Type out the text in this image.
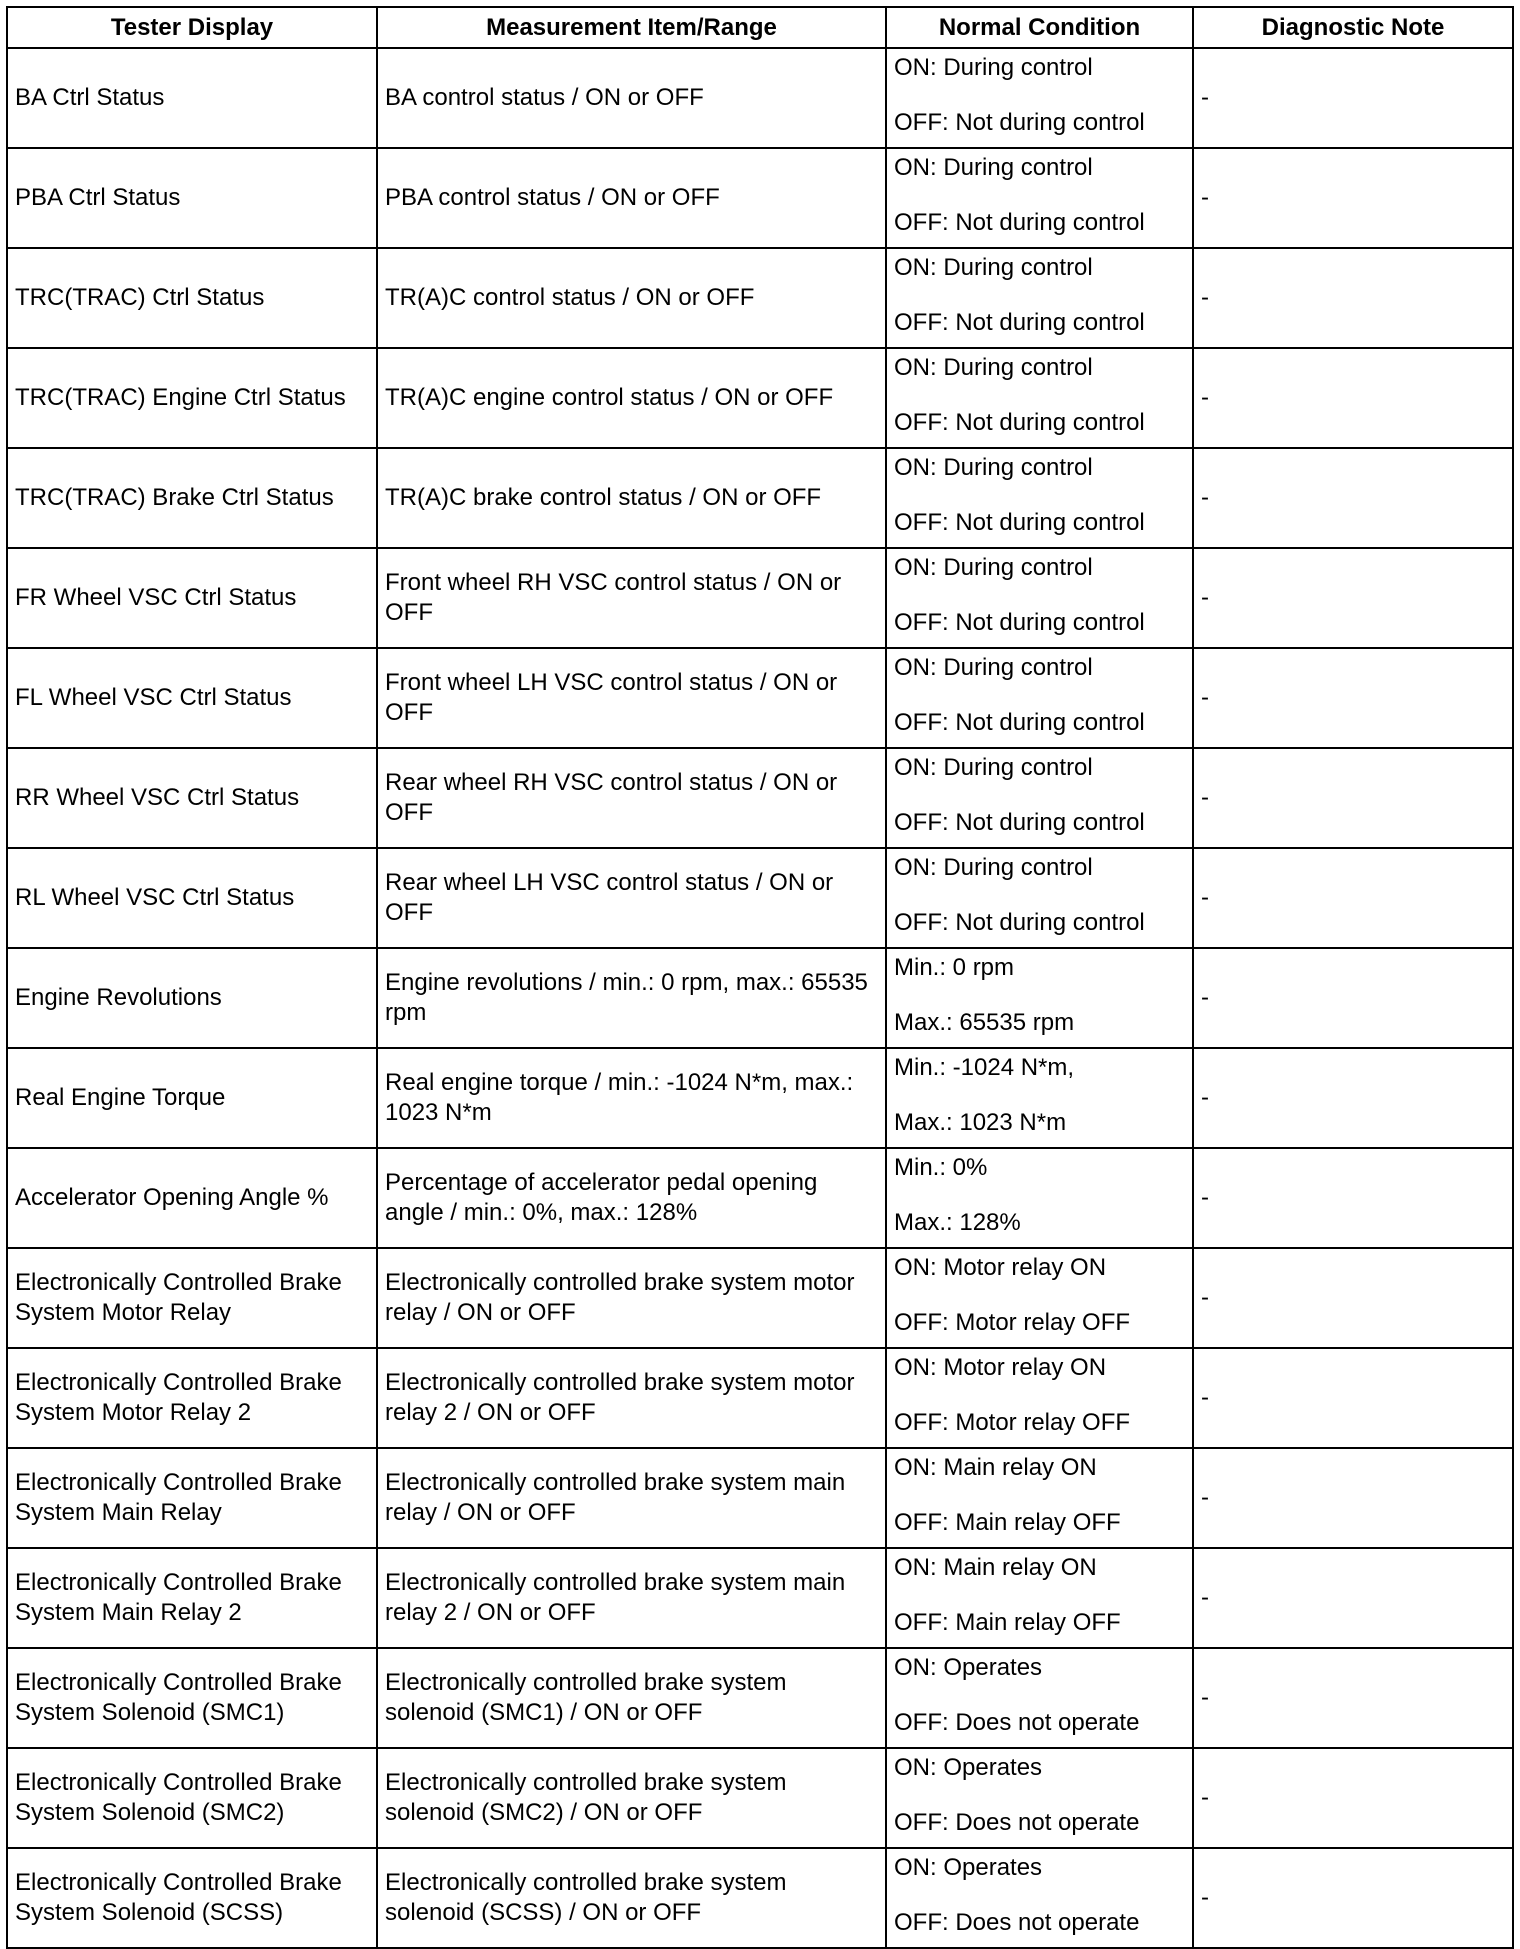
Tester Display	Measurement Item/Range	Normal Condition	Diagnostic Note
BA Ctrl Status	BA control status / ON or OFF	ON: During control
OFF: Not during control	-

PBA Ctrl Status	PBA control status / ON or OFF	ON: During control
OFF: Not during control	-

TRC(TRAC) Ctrl Status	TR(A)C control status / ON or OFF	ON: During control
OFF: Not during control	-

TRC(TRAC) Engine Ctrl Status	TR(A)C engine control status / ON or OFF	ON: During control
OFF: Not during control	-

TRC(TRAC) Brake Ctrl Status	TR(A)C brake control status / ON or OFF	ON: During control
OFF: Not during control	-

FR Wheel VSC Ctrl Status	Front wheel RH VSC control status / ON or OFF	ON: During control
OFF: Not during control	-

FL Wheel VSC Ctrl Status	Front wheel LH VSC control status / ON or OFF	ON: During control
OFF: Not during control	-

RR Wheel VSC Ctrl Status	Rear wheel RH VSC control status / ON or OFF	ON: During control
OFF: Not during control	-

RL Wheel VSC Ctrl Status	Rear wheel LH VSC control status / ON or OFF	ON: During control
OFF: Not during control	-

Engine Revolutions	Engine revolutions / min.: 0 rpm, max.: 65535 rpm	Min.: 0 rpm
Max.: 65535 rpm	-

Real Engine Torque	Real engine torque / min.: -1024 N*m, max.: 1023 N*m	Min.: -1024 N*m,
Max.: 1023 N*m	-

Accelerator Opening Angle %	Percentage of accelerator pedal opening angle / min.: 0%, max.: 128%	Min.: 0%
Max.: 128%	-

Electronically Controlled Brake System Motor Relay	Electronically controlled brake system motor relay / ON or OFF	ON: Motor relay ON
OFF: Motor relay OFF	-

Electronically Controlled Brake System Motor Relay 2	Electronically controlled brake system motor relay 2 / ON or OFF	ON: Motor relay ON
OFF: Motor relay OFF	-

Electronically Controlled Brake System Main Relay	Electronically controlled brake system main relay / ON or OFF	ON: Main relay ON
OFF: Main relay OFF	-

Electronically Controlled Brake System Main Relay 2	Electronically controlled brake system main relay 2 / ON or OFF	ON: Main relay ON
OFF: Main relay OFF	-

Electronically Controlled Brake System Solenoid (SMC1)	Electronically controlled brake system solenoid (SMC1) / ON or OFF	ON: Operates
OFF: Does not operate	-

Electronically Controlled Brake System Solenoid (SMC2)	Electronically controlled brake system solenoid (SMC2) / ON or OFF	ON: Operates
OFF: Does not operate	-

Electronically Controlled Brake System Solenoid (SCSS)	Electronically controlled brake system solenoid (SCSS) / ON or OFF	ON: Operates
OFF: Does not operate	-
